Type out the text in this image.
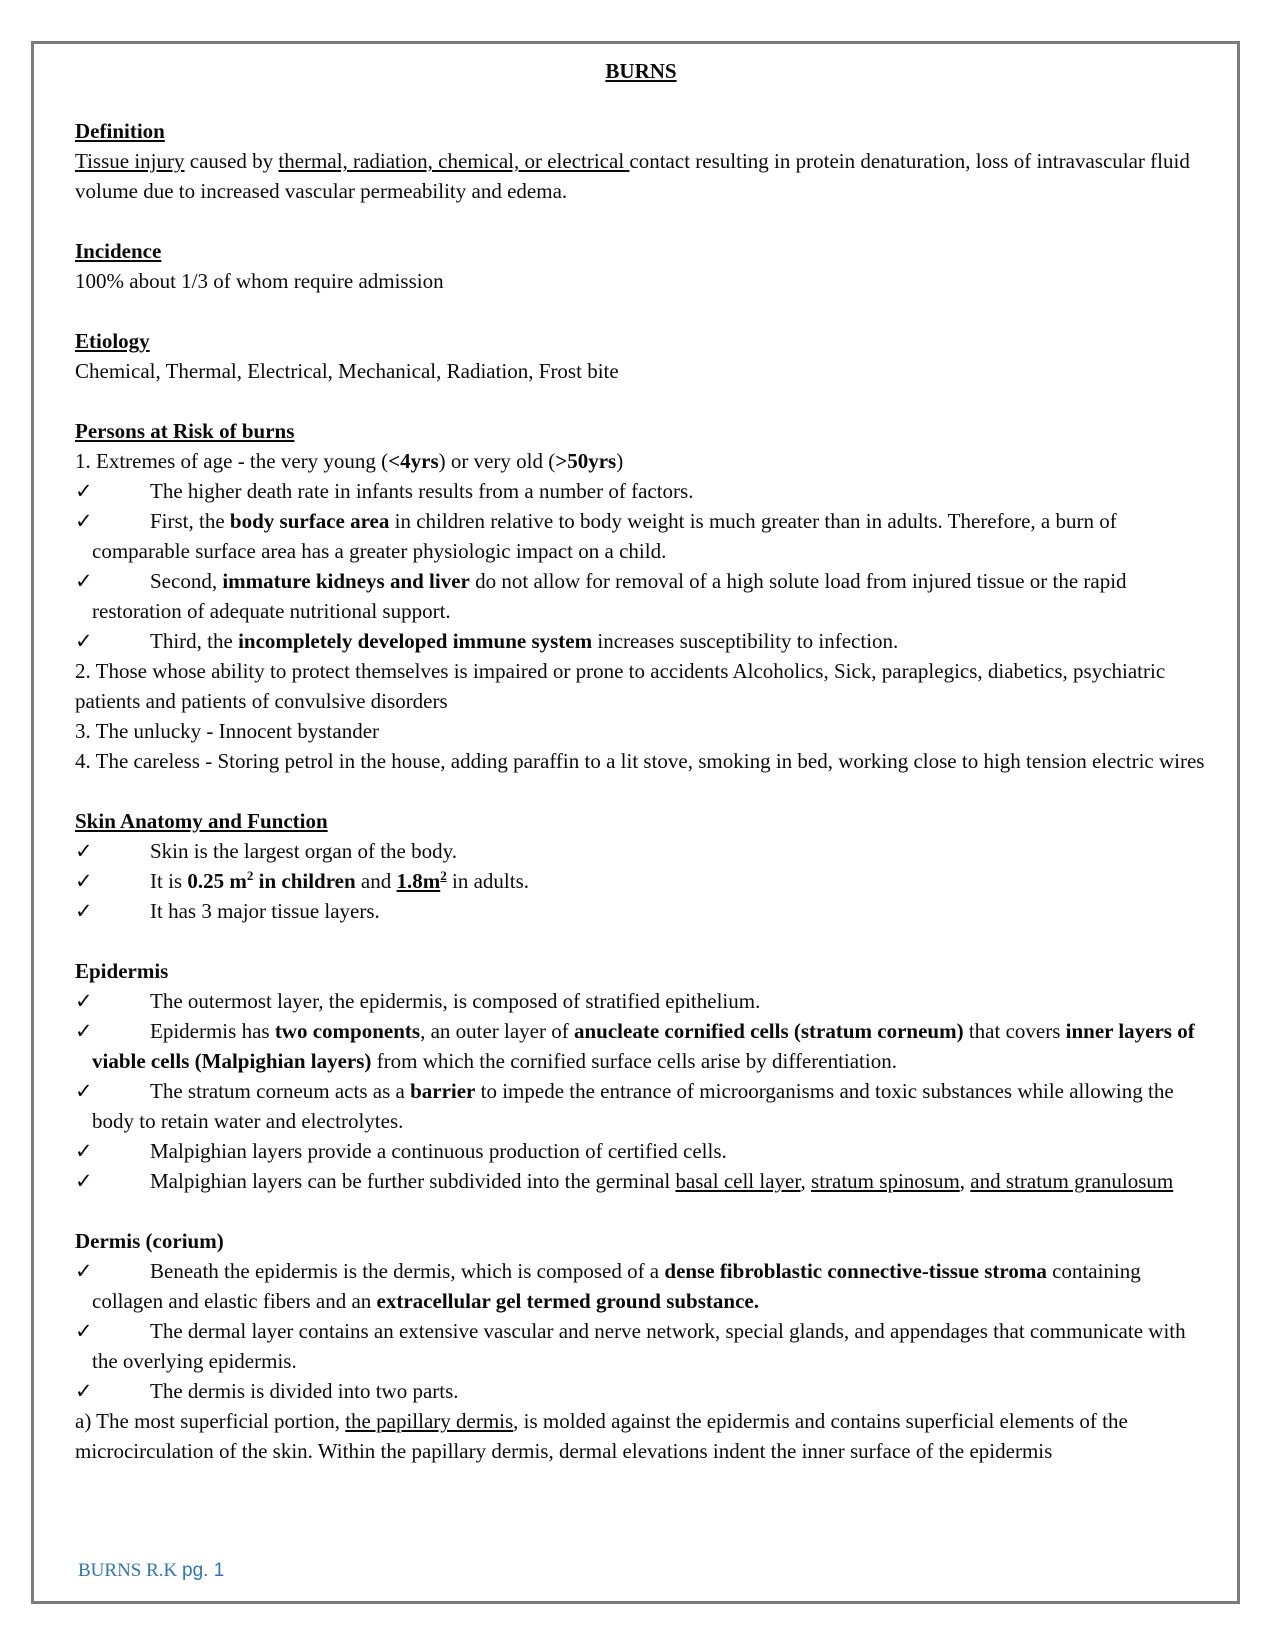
BURNS
Definition
Tissue injury caused by thermal, radiation, chemical, or electrical contact resulting in protein denaturation, loss of intravascular fluid volume due to increased vascular permeability and edema.
Incidence
100% about 1/3 of whom require admission
Etiology
Chemical, Thermal, Electrical, Mechanical, Radiation, Frost bite
Persons at Risk of burns
1. Extremes of age - the very young (<4yrs) or very old (>50yrs)
✓	The higher death rate in infants results from a number of factors.
✓	First, the body surface area in children relative to body weight is much greater than in adults. Therefore, a burn of   comparable surface area has a greater physiologic impact on a child.
✓	Second, immature kidneys and liver do not allow for removal of a high solute load from injured tissue or the rapid restoration of adequate nutritional support.
✓	Third, the incompletely developed immune system increases susceptibility to infection.
2. Those whose ability to protect themselves is impaired or prone to accidents Alcoholics, Sick, paraplegics, diabetics, psychiatric patients and patients of convulsive disorders
3. The unlucky - Innocent bystander
4. The careless - Storing petrol in the house, adding paraffin to a lit stove, smoking in bed, working close to high tension electric wires
Skin Anatomy and Function
✓	Skin is the largest organ of the body.
✓	It is 0.25 $m^2$ in children and $1.8m^2$ in adults.
✓	It has 3 major tissue layers.
Epidermis
✓	The outermost layer, the epidermis, is composed of stratified epithelium.
✓	Epidermis has two components, an outer layer of anucleate cornified cells (stratum corneum) that covers inner layers of viable cells (Malpighian layers) from which the cornified surface cells arise by differentiation.
✓	The stratum corneum acts as a barrier to impede the entrance of microorganisms and toxic substances while allowing the body to retain water and electrolytes.
✓	Malpighian layers provide a continuous production of certified cells.
✓	Malpighian layers can be further subdivided into the germinal basal cell layer, stratum spinosum, and stratum granulosum
Dermis (corium)
✓	Beneath the epidermis is the dermis, which is composed of a dense fibroblastic connective-tissue stroma containing collagen and elastic fibers and an extracellular gel termed ground substance.
✓	The dermal layer contains an extensive vascular and nerve network, special glands, and appendages that communicate with the overlying epidermis.
✓	The dermis is divided into two parts.
a) The most superficial portion, the papillary dermis, is molded against the epidermis and contains superficial elements of the microcirculation of the skin. Within the papillary dermis, dermal elevations indent the inner surface of the epidermis
BURNS R.K pg. 1
